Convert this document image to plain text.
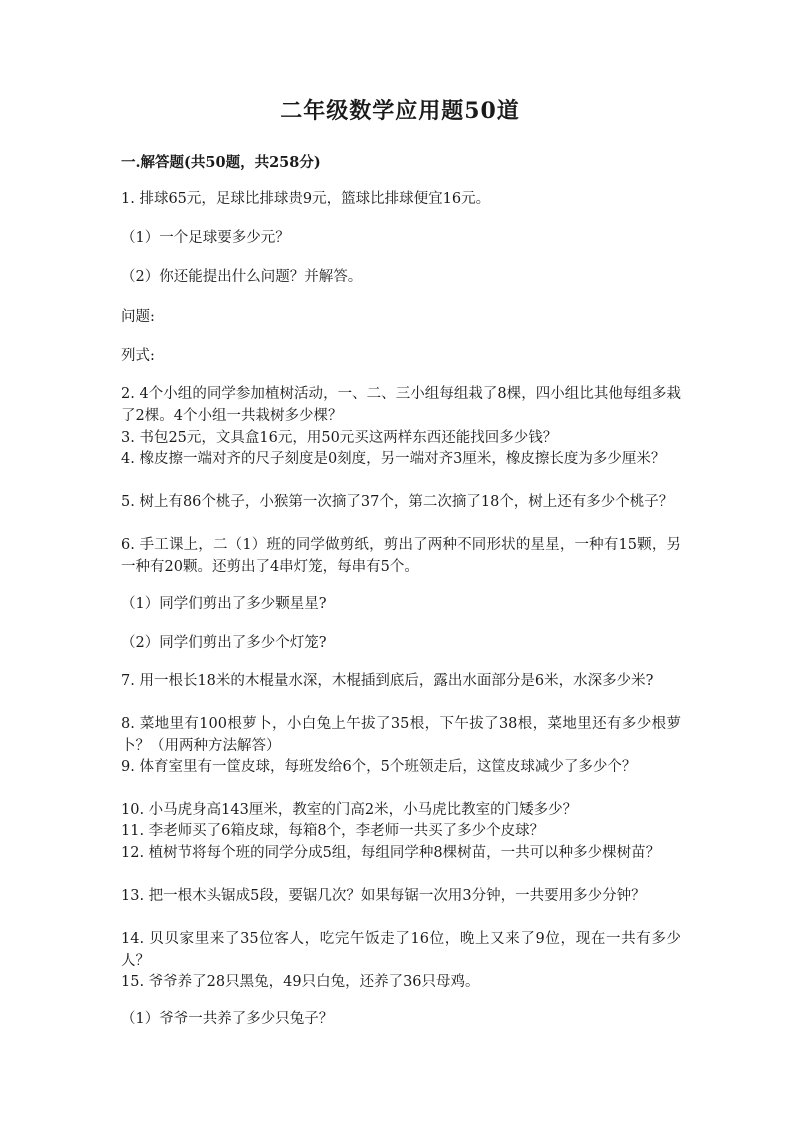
二年级数学应用题50道

一.解答题(共50题，共258分)

1. 排球65元，足球比排球贵9元，篮球比排球便宜16元。

（1）一个足球要多少元？

（2）你还能提出什么问题？并解答。

问题:

列式:

2. 4个小组的同学参加植树活动，一、二、三小组每组栽了8棵，四小组比其他每组多栽了2棵。4个小组一共栽树多少棵？

3. 书包25元，文具盒16元，用50元买这两样东西还能找回多少钱？

4. 橡皮擦一端对齐的尺子刻度是0刻度，另一端对齐3厘米，橡皮擦长度为多少厘米？

5. 树上有86个桃子，小猴第一次摘了37个，第二次摘了18个，树上还有多少个桃子？

6. 手工课上，二（1）班的同学做剪纸，剪出了两种不同形状的星星，一种有15颗，另一种有20颗。还剪出了4串灯笼，每串有5个。

（1）同学们剪出了多少颗星星?

（2）同学们剪出了多少个灯笼?

7. 用一根长18米的木棍量水深，木棍插到底后，露出水面部分是6米，水深多少米?

8. 菜地里有100根萝卜，小白兔上午拔了35根，下午拔了38根，菜地里还有多少根萝卜？（用两种方法解答）

9. 体育室里有一筐皮球，每班发给6个，5个班领走后，这筐皮球减少了多少个？

10. 小马虎身高143厘米，教室的门高2米，小马虎比教室的门矮多少？

11. 李老师买了6箱皮球，每箱8个，李老师一共买了多少个皮球？

12. 植树节将每个班的同学分成5组，每组同学种8棵树苗，一共可以种多少棵树苗？

13. 把一根木头锯成5段，要锯几次？如果每锯一次用3分钟，一共要用多少分钟？

14. 贝贝家里来了35位客人，吃完午饭走了16位，晚上又来了9位，现在一共有多少人？

15. 爷爷养了28只黑兔，49只白兔，还养了36只母鸡。

（1）爷爷一共养了多少只兔子？
